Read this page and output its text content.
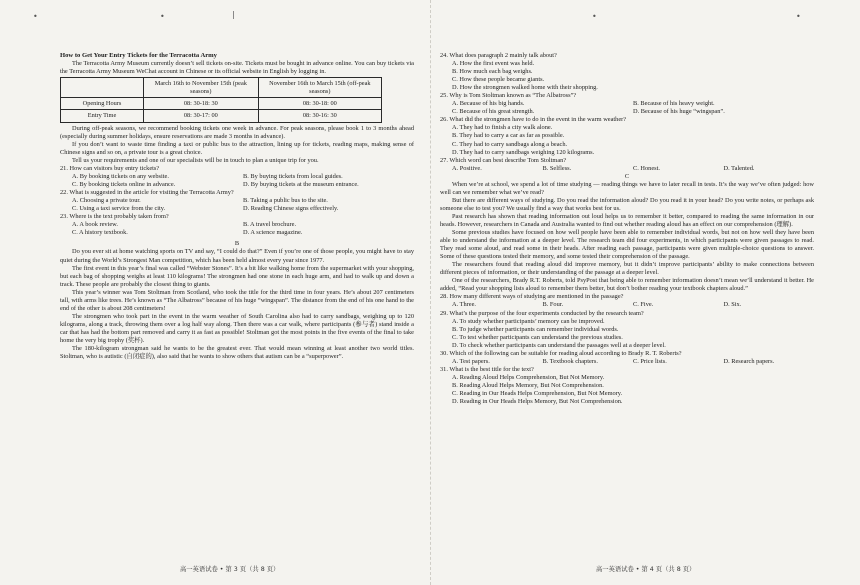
•	•	|	•	•

How to Get Your Entry Tickets for the Terracotta Army

The Terracotta Army Museum currently doesn’t sell tickets on-site. Tickets must be bought in advance online. You can buy tickets via the Terracotta Army Museum WeChat account in Chinese or its official website in English by logging in.

	March 16th to November 15th (peak seasons)	November 16th to March 15th (off-peak seasons)
Opening Hours	08: 30-18: 30	08: 30-18: 00
Entry Time	08: 30-17: 00	08: 30-16: 30

During off-peak seasons, we recommend booking tickets one week in advance. For peak seasons, please book 1 to 3 months ahead (especially during summer holidays, ensure reservations are made 3 months in advance).

If you don’t want to waste time finding a taxi or public bus to the attraction, lining up for tickets, reading maps, making sense of Chinese signs and so on, a private tour is a great choice.

Tell us your requirements and one of our specialists will be in touch to plan a unique trip for you.

21. How can visitors buy entry tickets?

A. By booking tickets on any website.	B. By buying tickets from local guides.
C. By booking tickets online in advance.	D. By buying tickets at the museum entrance.

22. What is suggested in the article for visiting the Terracotta Army?

A. Choosing a private tour.	B. Taking a public bus to the site.
C. Using a taxi service from the city.	D. Reading Chinese signs effectively.

23. Where is the text probably taken from?

A. A book review.	B. A travel brochure.
C. A history textbook.	D. A science magazine.

B

Do you ever sit at home watching sports on TV and say, “I could do that?” Even if you’re one of those people, you might have to stay quiet during the World’s Strongest Man competition, which has been held almost every year since 1977.

The first event in this year’s final was called “Webster Stones”. It’s a bit like walking home from the supermarket with your shopping, but each bag of shopping weighs at least 110 kilograms! The strongmen had one stone in each huge arm, and had to walk up and down a track. These people are probably the closest thing to giants.

This year’s winner was Tom Stoltman from Scotland, who took the title for the third time in four years. He’s about 207 centimeters tall, with arms like trees. He’s known as “The Albatross” because of his huge “wingspan”. The distance from the end of his one hand to the end of the other is about 208 centimeters!

The strongmen who took part in the event in the warm weather of South Carolina also had to carry sandbags, weighing up to 120 kilograms, along a track, throwing them over a log half way along. Then there was a car walk, where participants (参与者) stand inside a car that has had the bottom part removed and carry it as fast as possible! Stoltman got the most points in the five events of the final to take home the very big trophy (奖杯).

The 180-kilogram strongman said he wants to be the greatest ever. That would mean winning at least another two world titles. Stoltman, who is autistic (自闭症的), also said that he wants to show others that autism can be a “superpower”.

高一英语试卷 • 第 3 页（共 8 页）

24. What does paragraph 2 mainly talk about?

A. How the first event was held.

B. How much each bag weighs.

C. How these people became giants.

D. How the strongmen walked home with their shopping.

25. Why is Tom Stoltman known as “The Albatross”?

A. Because of his big hands.	B. Because of his heavy weight.
C. Because of his great strength.	D. Because of his huge “wingspan”.

26. What did the strongmen have to do in the event in the warm weather?

A. They had to finish a city walk alone.

B. They had to carry a car as far as possible.

C. They had to carry sandbags along a beach.

D. They had to carry sandbags weighing 120 kilograms.

27. Which word can best describe Tom Stoltman?

A. Positive.	B. Selfless.	C. Honest.	D. Talented.

C

When we’re at school, we spend a lot of time studying — reading things we have to later recall in tests. It’s the way we’ve often judged: how well can we remember what we’ve read?

But there are different ways of studying. Do you read the information aloud? Do you read it in your head? Do you write notes, or perhaps ask someone else to test you? We usually find a way that works best for us.

Past research has shown that reading information out loud helps us to remember it better, compared to reading the same information in our heads. However, researchers in Canada and Australia wanted to find out whether reading aloud has an effect on our comprehension (理解).

Some previous studies have focused on how well people have been able to remember individual words, but not on how well they have been able to understand the information at a deeper level. The research team did four experiments, in which participants were given passages to read. They read some aloud, and read some in their heads. After reading each passage, participants were given multiple-choice questions to answer. Some of these questions tested their memory, and some tested their comprehension of the passage.

The researchers found that reading aloud did improve memory, but it didn’t improve participants’ ability to make connections between different pieces of information, or their understanding of the passage at a deeper level.

One of the researchers, Brady R.T. Roberts, told PsyPost that being able to remember information doesn’t mean we’ll understand it better. He added, “Read your shopping lists aloud to remember them better, but don’t bother reading your textbook chapters aloud.”

28. How many different ways of studying are mentioned in the passage?

A. Three.	B. Four.	C. Five.	D. Six.

29. What’s the purpose of the four experiments conducted by the research team?

A. To study whether participants’ memory can be improved.

B. To judge whether participants can remember individual words.

C. To test whether participants can understand the previous studies.

D. To check whether participants can understand the passages well at a deeper level.

30. Which of the following can be suitable for reading aloud according to Brady R. T. Roberts?

A. Test papers.	B. Textbook chapters.	C. Price lists.	D. Research papers.

31. What is the best title for the text?

A. Reading Aloud Helps Comprehension, But Not Memory.

B. Reading Aloud Helps Memory, But Not Comprehension.

C. Reading in Our Heads Helps Comprehension, But Not Memory.

D. Reading in Our Heads Helps Memory, But Not Comprehension.

高一英语试卷 • 第 4 页（共 8 页）
